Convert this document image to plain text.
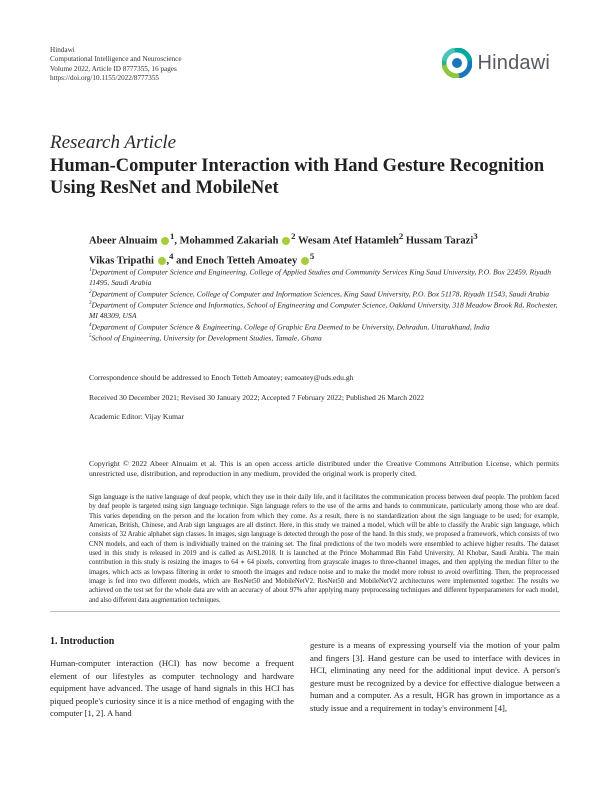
Hindawi
Computational Intelligence and Neuroscience
Volume 2022, Article ID 8777355, 16 pages
https://doi.org/10.1155/2022/8777355
Hindawi
Research Article
Human-Computer Interaction with Hand Gesture Recognition Using ResNet and MobileNet
Abeer Alnuaim $^1$, Mohammed Zakariah $^2$ Wesam Atef Hatamleh$^2$ Hussam Tarazi$^3$
Vikas Tripathi ,$^4$ and Enoch Tetteh Amoatey $^5$
$^1$Department of Computer Science and Engineering, College of Applied Studies and Community Services King Saud University, P.O. Box 22459, Riyadh 11495, Saudi Arabia
$^2$Department of Computer Science, College of Computer and Information Sciences, King Saud University, P.O. Box 51178, Riyadh 11543, Saudi Arabia
$^3$Department of Computer Science and Informatics, School of Engineering and Computer Science, Oakland University, 318 Meadow Brook Rd, Rochester, MI 48309, USA
$^4$Department of Computer Science & Engineering, College of Graphic Era Deemed to be University, Dehradun, Uttarakhand, India
$^5$School of Engineering, University for Development Studies, Tamale, Ghana
Correspondence should be addressed to Enoch Tetteh Amoatey; eamoatey@uds.edu.gh
Received 30 December 2021; Revised 30 January 2022; Accepted 7 February 2022; Published 26 March 2022
Academic Editor: Vijay Kumar
Copyright © 2022 Abeer Alnuaim et al. This is an open access article distributed under the Creative Commons Attribution License, which permits unrestricted use, distribution, and reproduction in any medium, provided the original work is properly cited.
Sign language is the native language of deaf people, which they use in their daily life, and it facilitates the communication process between deaf people. The problem faced by deaf people is targeted using sign language technique. Sign language refers to the use of the arms and hands to communicate, particularly among those who are deaf. This varies depending on the person and the location from which they come. As a result, there is no standardization about the sign language to be used; for example, American, British, Chinese, and Arab sign languages are all distinct. Here, in this study we trained a model, which will be able to classify the Arabic sign language, which consists of 32 Arabic alphabet sign classes. In images, sign language is detected through the pose of the hand. In this study, we proposed a framework, which consists of two CNN models, and each of them is individually trained on the training set. The final predictions of the two models were ensembled to achieve higher results. The dataset used in this study is released in 2019 and is called as ArSL2018. It is launched at the Prince Mohammad Bin Fahd University, Al Khobar, Saudi Arabia. The main contribution in this study is resizing the images to 64 ∗ 64 pixels, converting from grayscale images to three-channel images, and then applying the median filter to the images, which acts as lowpass filtering in order to smooth the images and reduce noise and to make the model more robust to avoid overfitting. Then, the preprocessed image is fed into two different models, which are ResNet50 and MobileNetV2. ResNet50 and MobileNetV2 architectures were implemented together. The results we achieved on the test set for the whole data are with an accuracy of about 97% after applying many preprocessing techniques and different hyperparameters for each model, and also different data augmentation techniques.
1. Introduction
Human-computer interaction (HCI) has now become a frequent element of our lifestyles as computer technology and hardware equipment have advanced. The usage of hand signals in this HCI has piqued people's curiosity since it is a nice method of engaging with the computer [1, 2]. A hand
gesture is a means of expressing yourself via the motion of your palm and fingers [3]. Hand gesture can be used to interface with devices in HCI, eliminating any need for the additional input device. A person's gesture must be recognized by a device for effective dialogue between a human and a computer. As a result, HGR has grown in importance as a study issue and a requirement in today's environment [4],
